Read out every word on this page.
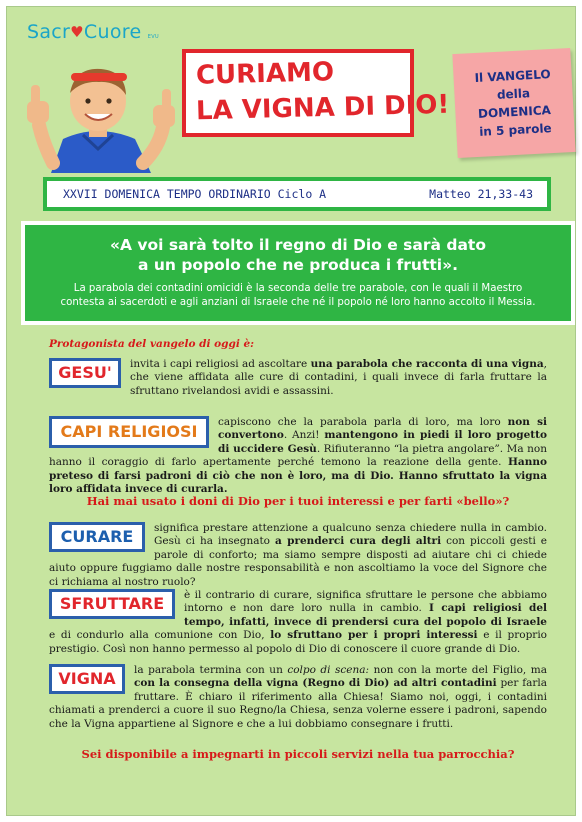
Sacr♥Cuore EVU
CURIAMO
LA VIGNA DI DIO!
Il VANGELO
della
DOMENICA
in 5 parole
XXVII DOMENICA TEMPO ORDINARIO Ciclo A	Matteo 21,33-43
«A voi sarà tolto il regno di Dio e sarà dato
a un popolo che ne produca i frutti».
La parabola dei contadini omicidi è la seconda delle tre parabole, con le quali il Maestro
contesta ai sacerdoti e agli anziani di Israele che né il popolo né loro hanno accolto il Messia.
Protagonista del vangelo di oggi è:
GESU'	invita i capi religiosi ad ascoltare una parabola che racconta di una vigna, che viene affidata alle cure di contadini, i quali invece di farla fruttare la sfruttano rivelandosi avidi e assassini.
CAPI RELIGIOSI
capiscono che la parabola parla di loro, ma loro non si convertono. Anzi! mantengono in piedi il loro progetto di uccidere Gesù. Rifiuteranno “la pietra angolare”. Ma non hanno il coraggio di farlo apertamente perché temono la reazione della gente. Hanno preteso di farsi padroni di ciò che non è loro, ma di Dio. Hanno sfruttato la vigna loro affidata invece di curarla.
Hai mai usato i doni di Dio per i tuoi interessi e per farti «bello»?
CURARE	significa prestare attenzione a qualcuno senza chiedere nulla in cambio. Gesù ci ha insegnato a prenderci cura degli altri con piccoli gesti e parole di conforto; ma siamo sempre disposti ad aiutare chi ci chiede aiuto oppure fuggiamo dalle nostre responsabilità e non ascoltiamo la voce del Signore che ci richiama al nostro ruolo?
SFRUTTARE	è il contrario di curare, significa sfruttare le persone che abbiamo intorno e non dare loro nulla in cambio. I capi religiosi del tempo, infatti, invece di prendersi cura del popolo di Israele e di condurlo alla comunione con Dio, lo sfruttano per i propri interessi e il proprio prestigio. Così non hanno permesso al popolo di Dio di conoscere il cuore grande di Dio.
VIGNA	la parabola termina con un colpo di scena: non con la morte del Figlio, ma con la consegna della vigna (Regno di Dio) ad altri contadini per farla fruttare. È chiaro il riferimento alla Chiesa! Siamo noi, oggi, i contadini chiamati a prenderci a cuore il suo Regno/la Chiesa, senza volerne essere i padroni, sapendo che la Vigna appartiene al Signore e che a lui dobbiamo consegnare i frutti.
Sei disponibile a impegnarti in piccoli servizi nella tua parrocchia?
